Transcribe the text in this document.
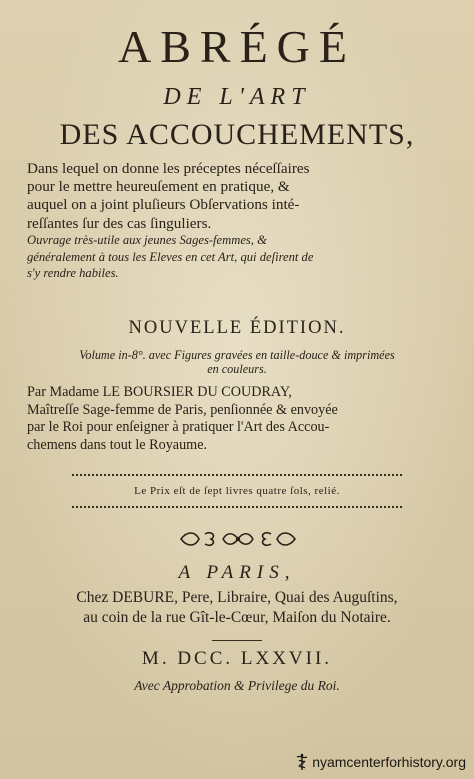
ABRÉGÉ
DE L'ART
DES ACCOUCHEMENTS,
Dans lequel on donne les préceptes néceſſaires
pour le mettre heureuſement en pratique, &
auquel on a joint pluſieurs Obſervations inté-
reſſantes ſur des cas ſinguliers.
Ouvrage très-utile aux jeunes Sages-femmes, &
généralement à tous les Eleves en cet Art, qui deſirent de
s'y rendre habiles.
NOUVELLE ÉDITION.
Volume in-8°. avec Figures gravées en taille-douce & imprimées
en couleurs.
Par Madame LE BOURSIER DU COUDRAY,
Maîtreſſe Sage-femme de Paris, penſionnée & envoyée
par le Roi pour enſeigner à pratiquer l'Art des Accou-
chemens dans tout le Royaume.
Le Prix eſt de ſept livres quatre ſols, relié.
A PARIS,
Chez DEBURE, Pere, Libraire, Quai des Auguſtins,
au coin de la rue Gît-le-Cœur, Maiſon du Notaire.
M. DCC. LXXVII.
Avec Approbation & Privilege du Roi.
nyamcenterforhistory.org
